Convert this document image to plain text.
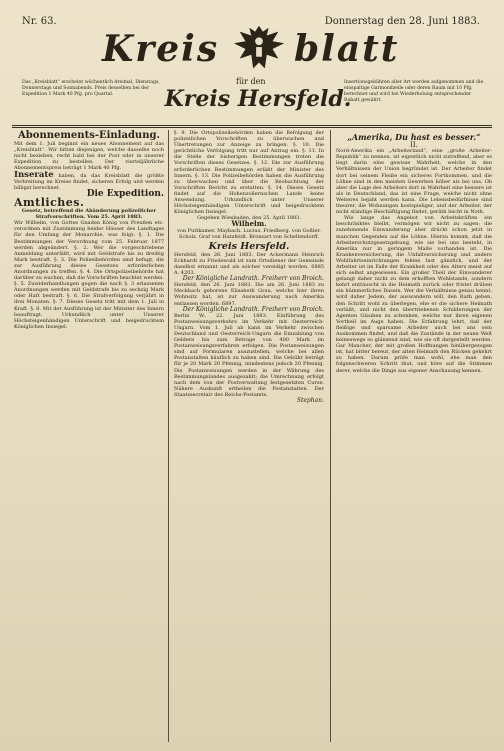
Nr. 63.	Donnerstag den 28. Juni 1883.
Kreis blatt
Das „Kreisblatt“ erscheint wöchentlich dreimal, Dienstags, Donnerstags und Sonnabends. Preis desselben bei der Expedition 1 Mark 40 Pfg. pro Quartal.
für den
Kreis Hersfeld.
Insertionsgebühren aller Art werden aufgenommen und die einspaltige Garmondzeile oder deren Raum mit 10 Pfg. berechnet und wird bei Wiederholung entsprechender Rabatt gewährt.
Abonnements-Einladung.

Mit dem 1. Juli beginnt ein neues Abonnement auf das „Kreisblatt“. Wir bitten diejenigen, welche dasselbe noch nicht beziehen, recht bald bei der Post oder in unserer Expedition zu bestellen. Der vierteljährliche Abonnementspreis beträgt 1 Mark 40 Pfg.

Inserate haben, da das Kreisblatt die größte Verbreitung im Kreise findet, sicheren Erfolg und werden billigst berechnet.

Die Expedition.
Amtliches.
Gesetz, betreffend die Abänderung polizeilicher Strafvorschriften. Vom 25. April 1883.

Wir Wilhelm, von Gottes Gnaden König von Preußen etc. verordnen mit Zustimmung beider Häuser des Landtages für den Umfang der Monarchie, was folgt: §. 1. Die Bestimmungen der Verordnung vom 25. Februar 1877 werden abgeändert. §. 2. Wer die vorgeschriebene Anmeldung unterläßt, wird mit Geldstrafe bis zu dreißig Mark bestraft. §. 3. Die Polizeibehörden sind befugt, die zur Ausführung dieses Gesetzes erforderlichen Anordnungen zu treffen. §. 4. Die Ortspolizeibehörde hat darüber zu wachen, daß die Vorschriften beachtet werden. §. 5. Zuwiderhandlungen gegen die nach §. 3 erlassenen Anordnungen werden mit Geldstrafe bis zu sechzig Mark oder Haft bestraft. §. 6. Die Strafverfolgung verjährt in drei Monaten. §. 7. Dieses Gesetz tritt mit dem 1. Juli in Kraft. §. 8. Mit der Ausführung ist der Minister des Innern beauftragt. Urkundlich unter Unserer Höchsteigenhändigen Unterschrift und beigedrucktem Königlichen Insiegel.

§. 9. Die Ortspolizeibehörden haben die Befolgung der polizeilichen Vorschriften zu überwachen und Übertretungen zur Anzeige zu bringen. §. 10. Die gerichtliche Verfolgung tritt nur auf Antrag ein. §. 11. In die Stelle der bisherigen Bestimmungen treten die Vorschriften dieses Gesetzes. §. 12. Die zur Ausführung erforderlichen Bestimmungen erläßt der Minister des Innern. §. 13. Die Polizeibehörden haben die Ausführung zu überwachen und über die Beobachtung der Vorschriften Bericht zu erstatten. §. 14. Dieses Gesetz findet auf die Hohenzollernschen Lande keine Anwendung. Urkundlich unter Unserer Höchsteigenhändigen Unterschrift und beigedrucktem Königlichen Insiegel.

Gegeben Wiesbaden, den 25. April 1883.
Wilhelm.
von Puttkamer. Maybach. Lucius. Friedberg. von Goßler. Scholz. Graf von Hatzfeldt. Bronsart von Schellendorff.
Kreis Hersfeld.

Hersfeld, den 26. Juni 1883. Der Ackermann Heinrich Eckhardt zu Friedewald ist zum Ortsdiener der Gemeinde daselbst ernannt und als solcher vereidigt worden. 6885 A. 4203.

Der Königliche Landrath. Freiherr von Broich.

Hersfeld, den 26. Juni 1883. Die am 26. Juni 1883 zu Meckbach geborene Elisabeth Grau, welche hier ihren Wohnsitz hat, ist zur Auswanderung nach Amerika entlassen worden. 6897.

Der Königliche Landrath. Freiherr von Broich.

Berlin W., 22. Juni 1883. Einführung des Postanweisungsverkehrs im Verkehr mit Oesterreich-Ungarn. Vom 1. Juli ab kann im Verkehr zwischen Deutschland und Oesterreich-Ungarn die Einzahlung von Geldern bis zum Betrage von 400 Mark im Postanweisungsverfahren erfolgen. Die Postanweisungen sind auf Formularen auszustellen, welche bei allen Postanstalten käuflich zu haben sind. Die Gebühr beträgt für je 20 Mark 20 Pfennig, mindestens jedoch 20 Pfennig. Die Postanweisungen werden in der Währung des Bestimmungslandes ausgezahlt; die Umrechnung erfolgt nach dem von der Postverwaltung festgesetzten Curse. Nähere Auskunft ertheilen die Postanstalten. Der Staatssecretair des Reichs-Postamts.

Stephan.
„Amerika, Du hast es besser.“
II.

Nord-Amerika ein „Arbeiterland“, eine „große Arbeiter-Republik“ zu nennen, ist eigentlich nicht zutreffend, aber es liegt darin eine gewisse Wahrheit, welche in den Verhältnissen der Union begründet ist. Der Arbeiter findet dort bei seinem Fleiße ein sicheres Fortkommen, und die Löhne sind in den meisten Gewerben höher als bei uns. Ob aber die Lage des Arbeiters dort in Wahrheit eine bessere ist als in Deutschland, das ist eine Frage, welche nicht ohne Weiteres bejaht werden kann. Die Lebensbedürfnisse sind theurer, die Wohnungen kostspieliger, und der Arbeiter, der nicht ständige Beschäftigung findet, geräth leicht in Noth.

Wie lange das Angebot von Arbeitskräften ein beschränktes bleibt, vermögen wir nicht zu sagen; die zunehmende Einwanderung aber drückt schon jetzt in manchen Gegenden auf die Löhne. Hierzu kommt, daß die Arbeiterschutzgesetzgebung, wie sie bei uns besteht, in Amerika nur in geringem Maße vorhanden ist. Die Krankenversicherung, die Unfallversicherung und andere Wohlfahrtseinrichtungen fehlen fast gänzlich, und der Arbeiter ist im Falle der Krankheit oder des Alters meist auf sich selbst angewiesen. Ein großer Theil der Einwanderer gelangt daher nicht zu dem erhofften Wohlstande, sondern kehrt enttäuscht in die Heimath zurück oder fristet drüben ein kümmerliches Dasein. Wer die Verhältnisse genau kennt, wird daher Jedem, der auswandern will, den Rath geben, den Schritt wohl zu überlegen, ehe er die sichere Heimath verläßt, und nicht den übertriebenen Schilderungen der Agenten Glauben zu schenken, welche nur ihren eigenen Vortheil im Auge haben. Die Erfahrung lehrt, daß der fleißige und sparsame Arbeiter auch bei uns sein Auskommen findet, und daß die Zustände in der neuen Welt keineswegs so glänzend sind, wie sie oft dargestellt werden. Gar Mancher, der mit großen Hoffnungen hinübergezogen ist, hat bitter bereut, der alten Heimath den Rücken gekehrt zu haben. Darum prüfe man wohl, ehe man den folgenschweren Schritt thut, und höre auf die Stimmen derer, welche die Dinge aus eigener Anschauung kennen.
